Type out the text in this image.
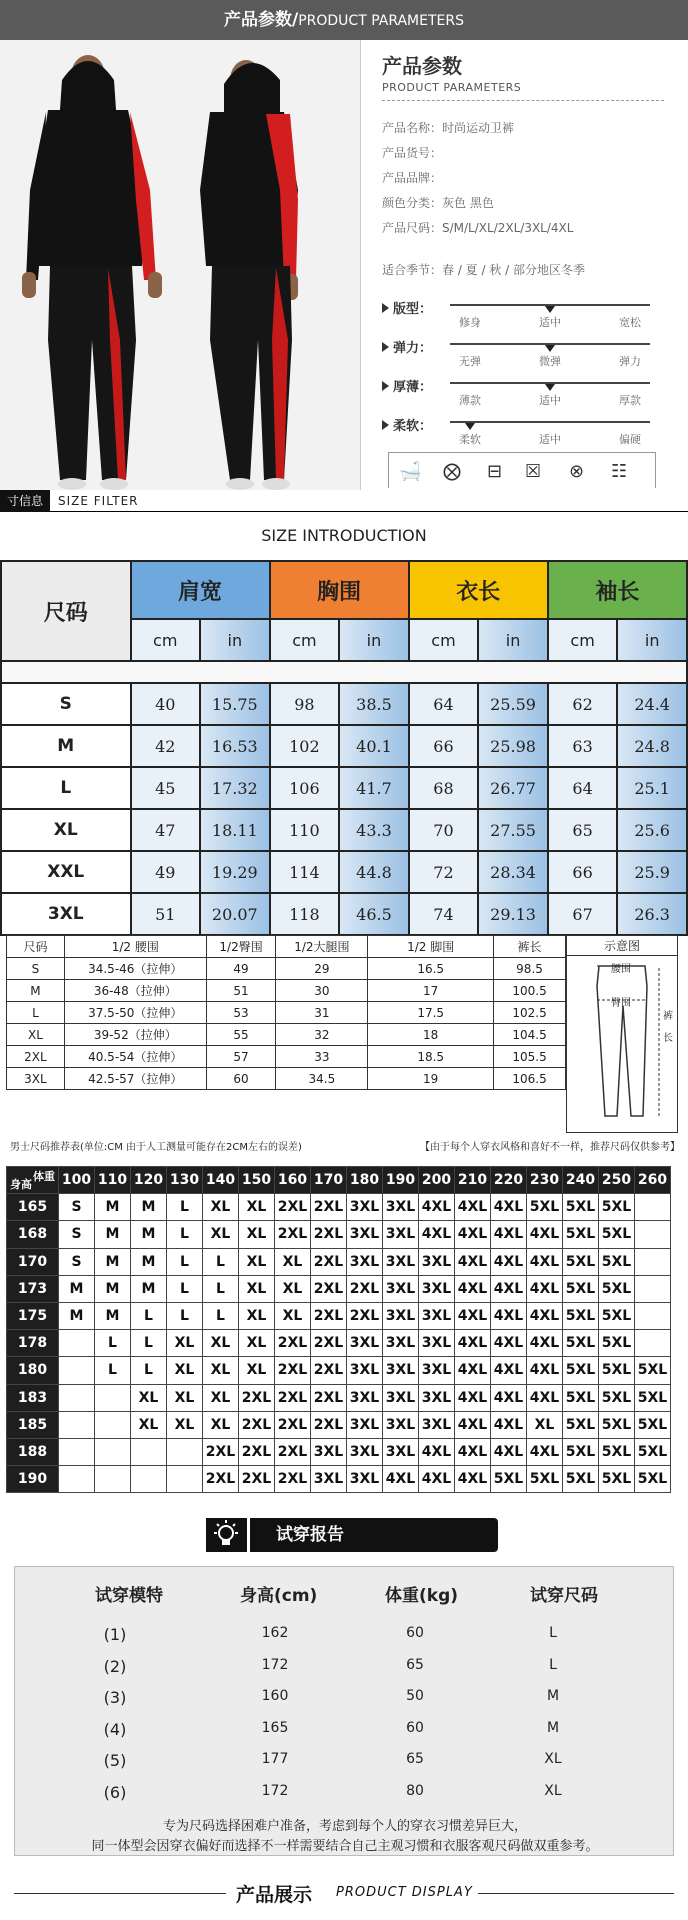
产品参数/PRODUCT PARAMETERS
产品参数
PRODUCT PARAMETERS
产品名称：时尚运动卫裤
产品货号：
产品品牌：
颜色分类：灰色 黑色
产品尺码：S/M/L/XL/2XL/3XL/4XL
适合季节：春 / 夏 / 秋 / 部分地区冬季
版型：
修身	适中	宽松
弹力：
无弹	微弹	弹力
厚薄：
薄款	适中	厚款
柔软：
柔软	适中	偏硬
🛁 ⨂ ⊟ ☒ ⊗ ☷
寸信息	SIZE FILTER
SIZE INTRODUCTION
尺码	肩宽		胸围		衣长		袖长	
	cm	in	cm	in	cm	in	cm	in

S	40	15.75	98	38.5	64	25.59	62	24.4
M	42	16.53	102	40.1	66	25.98	63	24.8
L	45	17.32	106	41.7	68	26.77	64	25.1
XL	47	18.11	110	43.3	70	27.55	65	25.6
XXL	49	19.29	114	44.8	72	28.34	66	25.9
3XL	51	20.07	118	46.5	74	29.13	67	26.3
尺码	1/2 腰围	1/2臀围	1/2大腿围	1/2 脚围	裤长
S	34.5-46（拉伸）	49	29	16.5	98.5
M	36-48（拉伸）	51	30	17	100.5
L	37.5-50（拉伸）	53	31	17.5	102.5
XL	39-52（拉伸）	55	32	18	104.5
2XL	40.5-54（拉伸）	57	33	18.5	105.5
3XL	42.5-57（拉伸）	60	34.5	19	106.5
示意图
腰围
臀围
裤长
男士尺码推荐表(单位:CM 由于人工测量可能存在2CM左右的误差)	【由于每个人穿衣风格和喜好不一样，推荐尺码仅供参考】
体重
身高	100	110	120	130	140	150	160	170	180	190	200	210	220	230	240	250	260
165	S	M	M	L	XL	XL	2XL	2XL	3XL	3XL	4XL	4XL	4XL	5XL	5XL	5XL	
168	S	M	M	L	XL	XL	2XL	2XL	3XL	3XL	4XL	4XL	4XL	4XL	5XL	5XL	
170	S	M	M	L	L	XL	XL	2XL	3XL	3XL	3XL	4XL	4XL	4XL	5XL	5XL	
173	M	M	M	L	L	XL	XL	2XL	2XL	3XL	3XL	4XL	4XL	4XL	5XL	5XL	
175	M	M	L	L	L	XL	XL	2XL	2XL	3XL	3XL	4XL	4XL	4XL	5XL	5XL	
178		L	L	XL	XL	XL	2XL	2XL	3XL	3XL	3XL	4XL	4XL	4XL	5XL	5XL	
180		L	L	XL	XL	XL	2XL	2XL	3XL	3XL	3XL	4XL	4XL	4XL	5XL	5XL	5XL
183			XL	XL	XL	2XL	2XL	2XL	3XL	3XL	3XL	4XL	4XL	4XL	5XL	5XL	5XL
185			XL	XL	XL	2XL	2XL	2XL	3XL	3XL	3XL	4XL	4XL	XL	5XL	5XL	5XL
188					2XL	2XL	2XL	3XL	3XL	3XL	4XL	4XL	4XL	4XL	5XL	5XL	5XL
190					2XL	2XL	2XL	3XL	3XL	4XL	4XL	4XL	5XL	5XL	5XL	5XL	5XL
试穿报告
试穿模特	身高(cm)	体重(kg)	试穿尺码
专为尺码选择困难户准备，考虑到每个人的穿衣习惯差异巨大，
同一体型会因穿衣偏好而选择不一样需要结合自己主观习惯和衣服客观尺码做双重参考。
(1)	162	60	L
(2)	172	65	L
(3)	160	50	M
(4)	165	60	M
(5)	177	65	XL
(6)	172	80	XL
产品展示 PRODUCT DISPLAY
